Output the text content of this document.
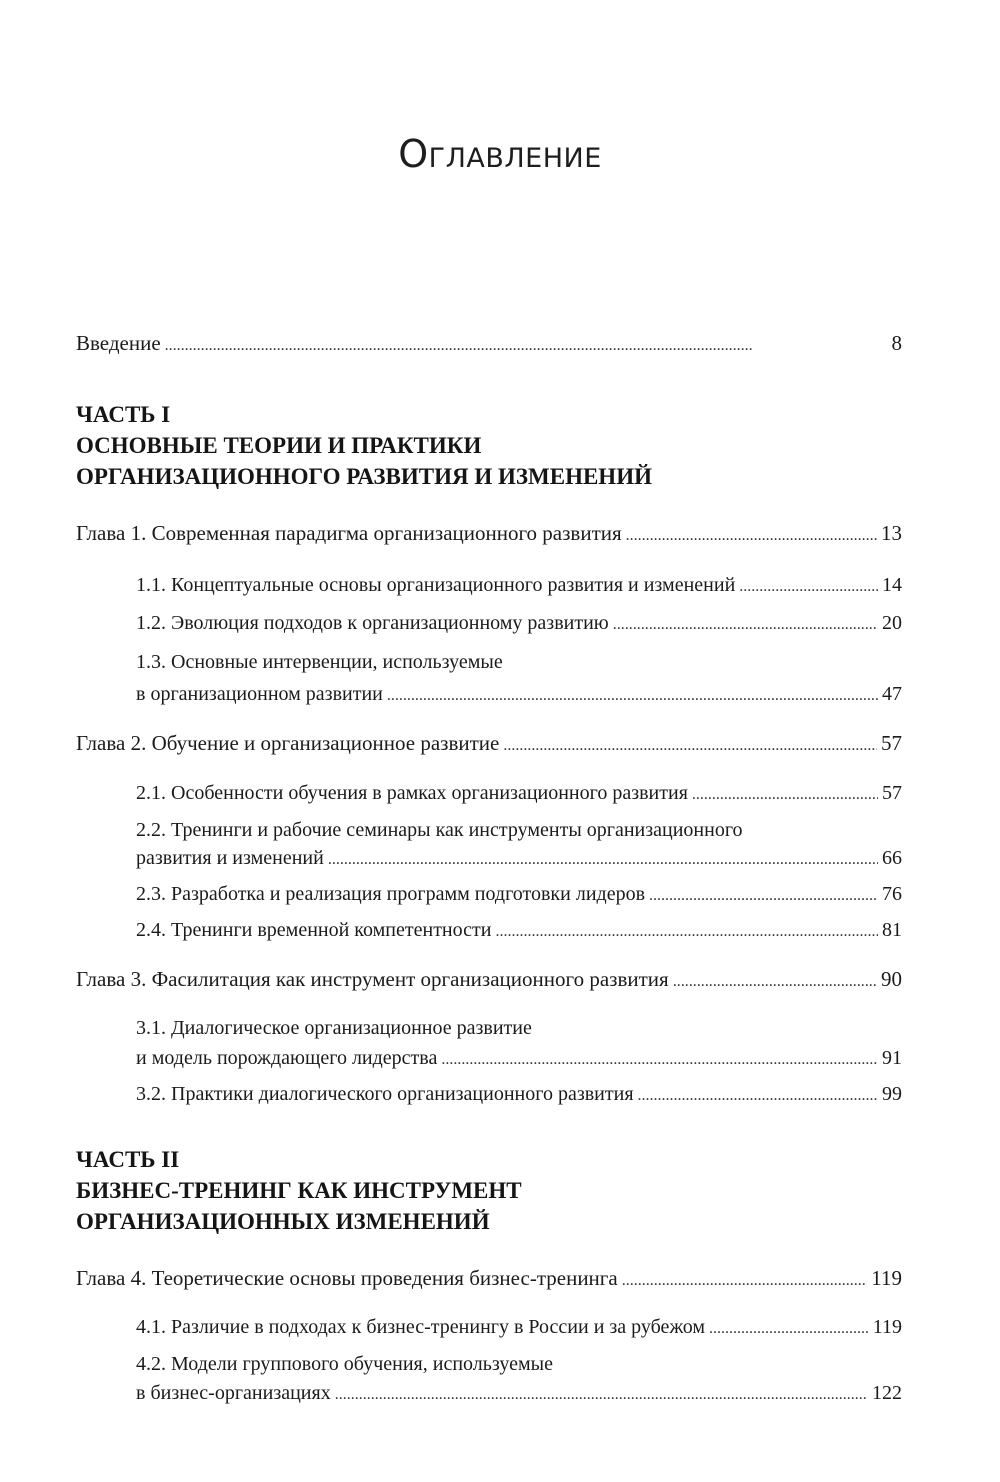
Оглавление
Введение . . .	8
ЧАСТЬ I
ОСНОВНЫЕ ТЕОРИИ И ПРАКТИКИ
ОРГАНИЗАЦИОННОГО РАЗВИТИЯ И ИЗМЕНЕНИЙ
Глава 1. Современная парадигма организационного развития . . .	13
1.1. Концептуальные основы организационного развития и изменений . . .	14
1.2. Эволюция подходов к организационному развитию . . .	20
1.3. Основные интервенции, используемые
в организационном развитии . . .	47
Глава 2. Обучение и организационное развитие . . .	57
2.1. Особенности обучения в рамках организационного развития . . .	57
2.2. Тренинги и рабочие семинары как инструменты организационного
развития и изменений . . .	66
2.3. Разработка и реализация программ подготовки лидеров . . .	76
2.4. Тренинги временной компетентности . . .	81
Глава 3. Фасилитация как инструмент организационного развития . . .	90
3.1. Диалогическое организационное развитие
и модель порождающего лидерства . . .	91
3.2. Практики диалогического организационного развития . . .	99
ЧАСТЬ II
БИЗНЕС-ТРЕНИНГ КАК ИНСТРУМЕНТ
ОРГАНИЗАЦИОННЫХ ИЗМЕНЕНИЙ
Глава 4. Теоретические основы проведения бизнес-тренинга . . .	119
4.1. Различие в подходах к бизнес-тренингу в России и за рубежом . . .	119
4.2. Модели группового обучения, используемые
в бизнес-организациях . . .	122
